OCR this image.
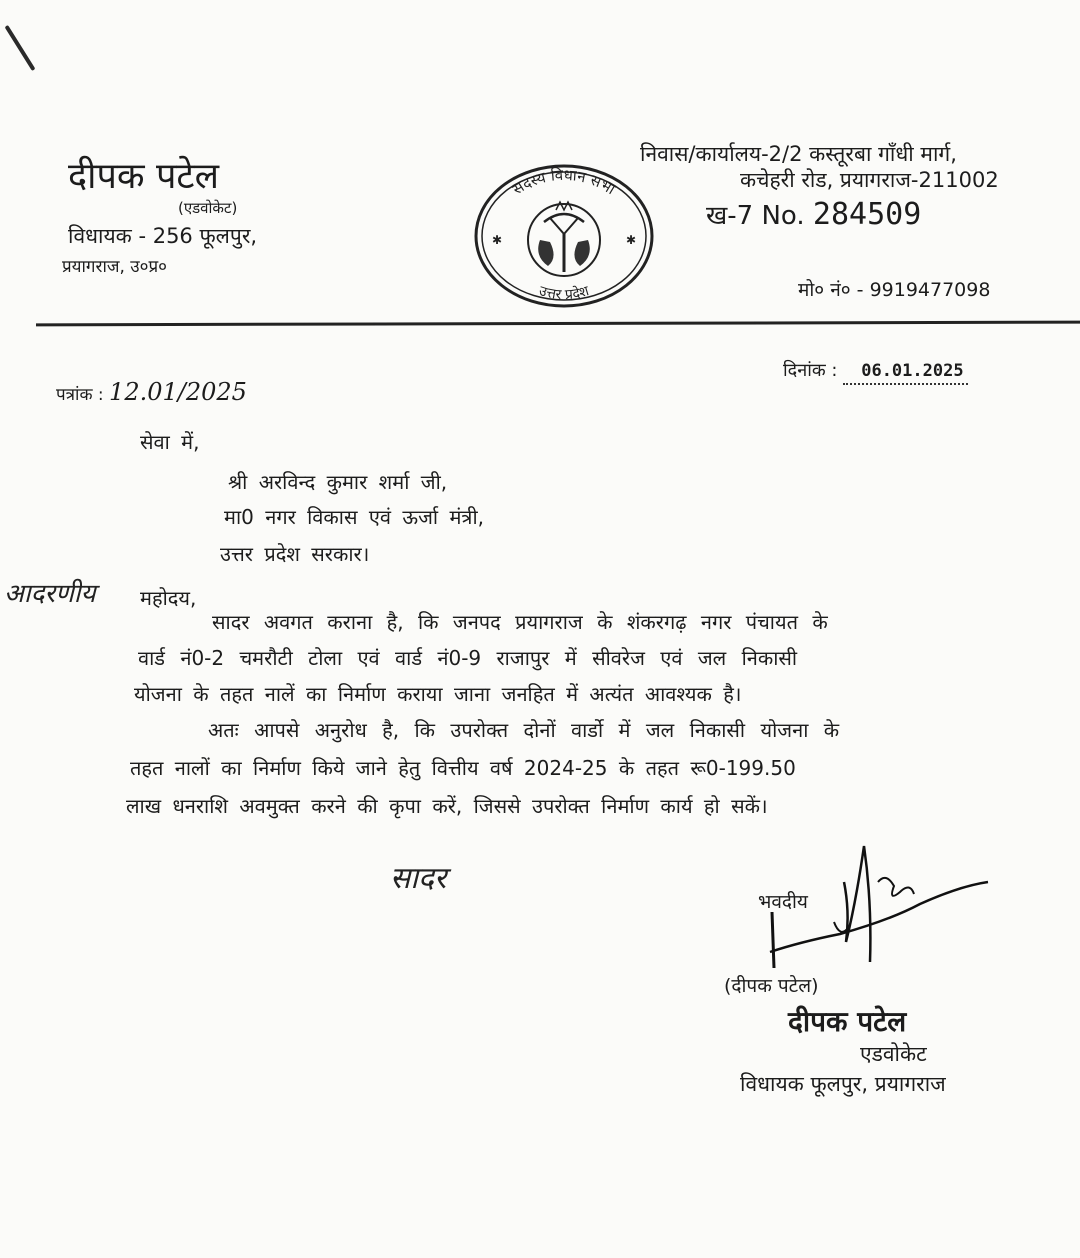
दीपक पटेल
(एडवोकेट)
विधायक - 256 फूलपुर,
प्रयागराज, उ०प्र०
सदस्य विधान सभा
उत्तर प्रदेश
✱	✱
निवास/कार्यालय-2/2 कस्तूरबा गाँधी मार्ग,
कचेहरी रोड, प्रयागराज-211002
ख-7 No. 284509
मो० नं० - 9919477098
पत्रांक : 12.01/2025
दिनांक : 06.01.2025
सेवा में,
श्री अरविन्द कुमार शर्मा जी,
मा0 नगर विकास एवं ऊर्जा मंत्री,
उत्तर प्रदेश सरकार।
आदरणीय महोदय,
सादर अवगत कराना है, कि जनपद प्रयागराज के शंकरगढ़ नगर पंचायत के
वार्ड नं0-2 चमरौटी टोला एवं वार्ड नं0-9 राजापुर में सीवरेज एवं जल निकासी
योजना के तहत नालें का निर्माण कराया जाना जनहित में अत्यंत आवश्यक है।
अतः आपसे अनुरोध है, कि उपरोक्त दोनों वार्डो में जल निकासी योजना के
तहत नालों का निर्माण किये जाने हेतु वित्तीय वर्ष 2024-25 के तहत रू0-199.50
लाख धनराशि अवमुक्त करने की कृपा करें, जिससे उपरोक्त निर्माण कार्य हो सकें।
सादर
भवदीय
(दीपक पटेल)
दीपक पटेल
एडवोकेट
विधायक फूलपुर, प्रयागराज
